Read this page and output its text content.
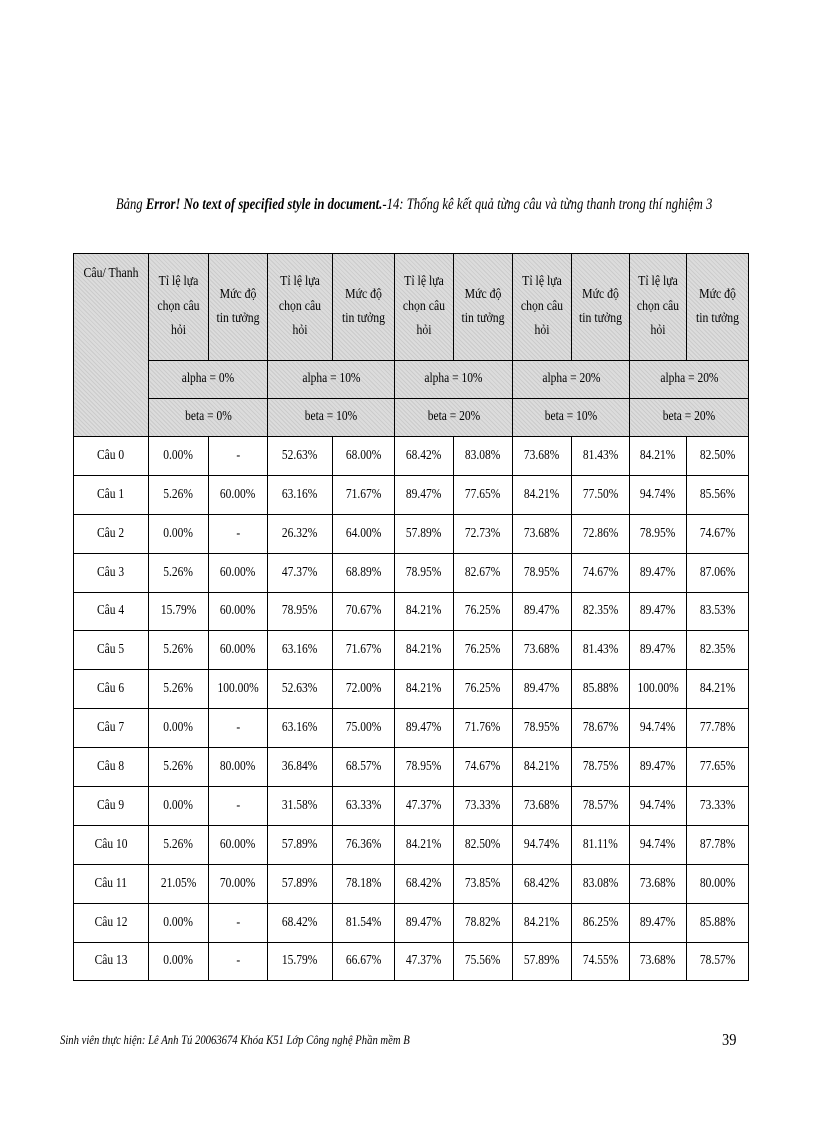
Bảng Error! No text of specified style in document.-14: Thống kê kết quả từng câu và từng thanh trong thí nghiệm 3
Câu/ Thanh	Tỉ lệ lựa chọn câu hỏi	Mức độ tin tưởng	Tỉ lệ lựa chọn câu hỏi	Mức độ tin tưởng	Tỉ lệ lựa chọn câu hỏi	Mức độ tin tưởng	Tỉ lệ lựa chọn câu hỏi	Mức độ tin tưởng	Tỉ lệ lựa chọn câu hỏi	Mức độ tin tưởng
	alpha = 0%		alpha = 10%		alpha = 10%		alpha = 20%		alpha = 20%	
	beta = 0%		beta = 10%		beta = 20%		beta = 10%		beta = 20%	
Câu 0	0.00%	-	52.63%	68.00%	68.42%	83.08%	73.68%	81.43%	84.21%	82.50%
Câu 1	5.26%	60.00%	63.16%	71.67%	89.47%	77.65%	84.21%	77.50%	94.74%	85.56%
Câu 2	0.00%	-	26.32%	64.00%	57.89%	72.73%	73.68%	72.86%	78.95%	74.67%
Câu 3	5.26%	60.00%	47.37%	68.89%	78.95%	82.67%	78.95%	74.67%	89.47%	87.06%
Câu 4	15.79%	60.00%	78.95%	70.67%	84.21%	76.25%	89.47%	82.35%	89.47%	83.53%
Câu 5	5.26%	60.00%	63.16%	71.67%	84.21%	76.25%	73.68%	81.43%	89.47%	82.35%
Câu 6	5.26%	100.00%	52.63%	72.00%	84.21%	76.25%	89.47%	85.88%	100.00%	84.21%
Câu 7	0.00%	-	63.16%	75.00%	89.47%	71.76%	78.95%	78.67%	94.74%	77.78%
Câu 8	5.26%	80.00%	36.84%	68.57%	78.95%	74.67%	84.21%	78.75%	89.47%	77.65%
Câu 9	0.00%	-	31.58%	63.33%	47.37%	73.33%	73.68%	78.57%	94.74%	73.33%
Câu 10	5.26%	60.00%	57.89%	76.36%	84.21%	82.50%	94.74%	81.11%	94.74%	87.78%
Câu 11	21.05%	70.00%	57.89%	78.18%	68.42%	73.85%	68.42%	83.08%	73.68%	80.00%
Câu 12	0.00%	-	68.42%	81.54%	89.47%	78.82%	84.21%	86.25%	89.47%	85.88%
Câu 13	0.00%	-	15.79%	66.67%	47.37%	75.56%	57.89%	74.55%	73.68%	78.57%
Sinh viên thực hiện: Lê Anh Tú 20063674 Khóa K51 Lớp Công nghệ Phần mềm B	39
